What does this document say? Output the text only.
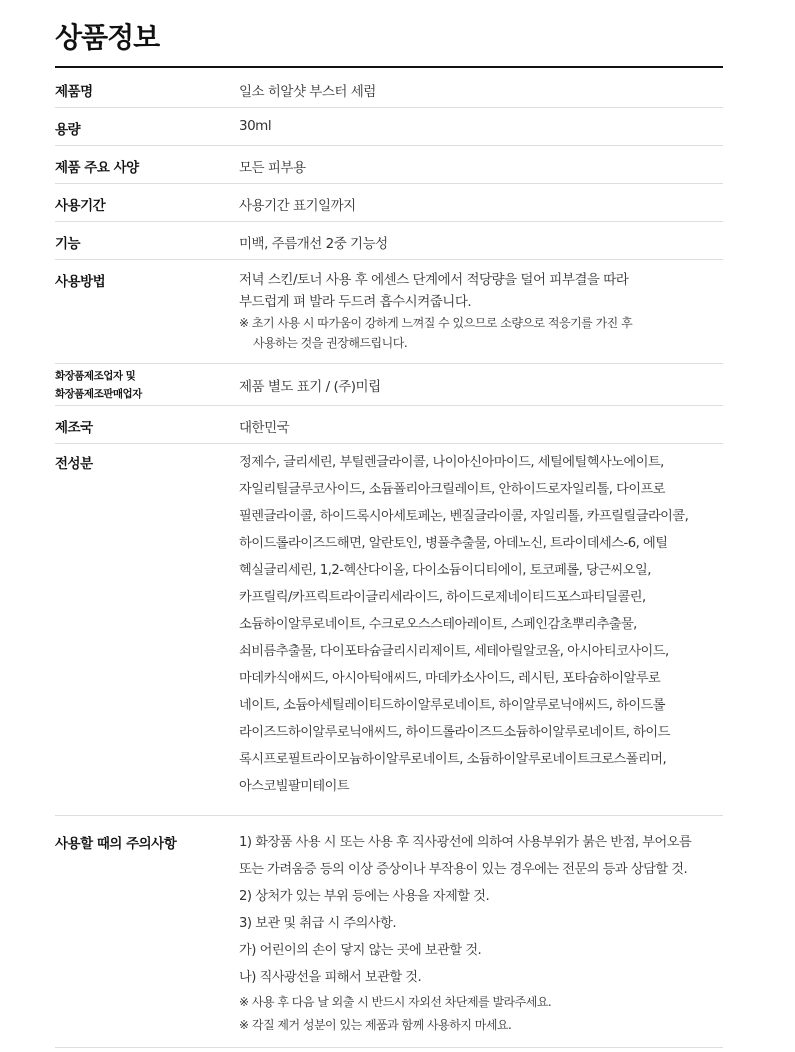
상품정보
제품명	일소 히알샷 부스터 세럼
용량	30ml
제품 주요 사양	모든 피부용
사용기간	사용기간 표기일까지
기능	미백, 주름개선 2중 기능성
사용방법	저녁 스킨/토너 사용 후 에센스 단계에서 적당량을 덜어 피부결을 따라
부드럽게 펴 발라 두드려 흡수시켜줍니다.
※ 초기 사용 시 따가움이 강하게 느껴질 수 있으므로 소량으로 적응기를 가진 후
사용하는 것을 권장해드립니다.
화장품제조업자 및
화장품제조판매업자	제품 별도 표기 / (주)미립
제조국	대한민국
전성분	정제수, 글리세린, 부틸렌글라이콜, 나이아신아마이드, 세틸에틸헥사노에이트,
자일리틸글루코사이드, 소듐폴리아크릴레이트, 안하이드로자일리톨, 다이프로
필렌글라이콜, 하이드록시아세토페논, 벤질글라이콜, 자일리톨, 카프릴릴글라이콜,
하이드롤라이즈드해면, 알란토인, 병풀추출물, 아데노신, 트라이데세스-6, 에틸
헥실글리세린, 1,2-헥산다이올, 다이소듐이디티에이, 토코페롤, 당근씨오일,
카프릴릭/카프릭트라이글리세라이드, 하이드로제네이티드포스파티딜콜린,
소듐하이알루로네이트, 수크로오스스테아레이트, 스페인감초뿌리추출물,
쇠비름추출물, 다이포타슘글리시리제이트, 세테아릴알코올, 아시아티코사이드,
마데카식애씨드, 아시아틱애씨드, 마데카소사이드, 레시틴, 포타슘하이알루로
네이트, 소듐아세틸레이티드하이알루로네이트, 하이알루로닉애씨드, 하이드롤
라이즈드하이알루로닉애씨드, 하이드롤라이즈드소듐하이알루로네이트, 하이드
록시프로필트라이모늄하이알루로네이트, 소듐하이알루로네이트크로스폴리머,
아스코빌팔미테이트
사용할 때의 주의사항	1) 화장품 사용 시 또는 사용 후 직사광선에 의하여 사용부위가 붉은 반점, 부어오름
또는 가려움증 등의 이상 증상이나 부작용이 있는 경우에는 전문의 등과 상담할 것.
2) 상처가 있는 부위 등에는 사용을 자제할 것.
3) 보관 및 취급 시 주의사항.
가) 어린이의 손이 닿지 않는 곳에 보관할 것.
나) 직사광선을 피해서 보관할 것.
※ 사용 후 다음 날 외출 시 반드시 자외선 차단제를 발라주세요.
※ 각질 제거 성분이 있는 제품과 함께 사용하지 마세요.
